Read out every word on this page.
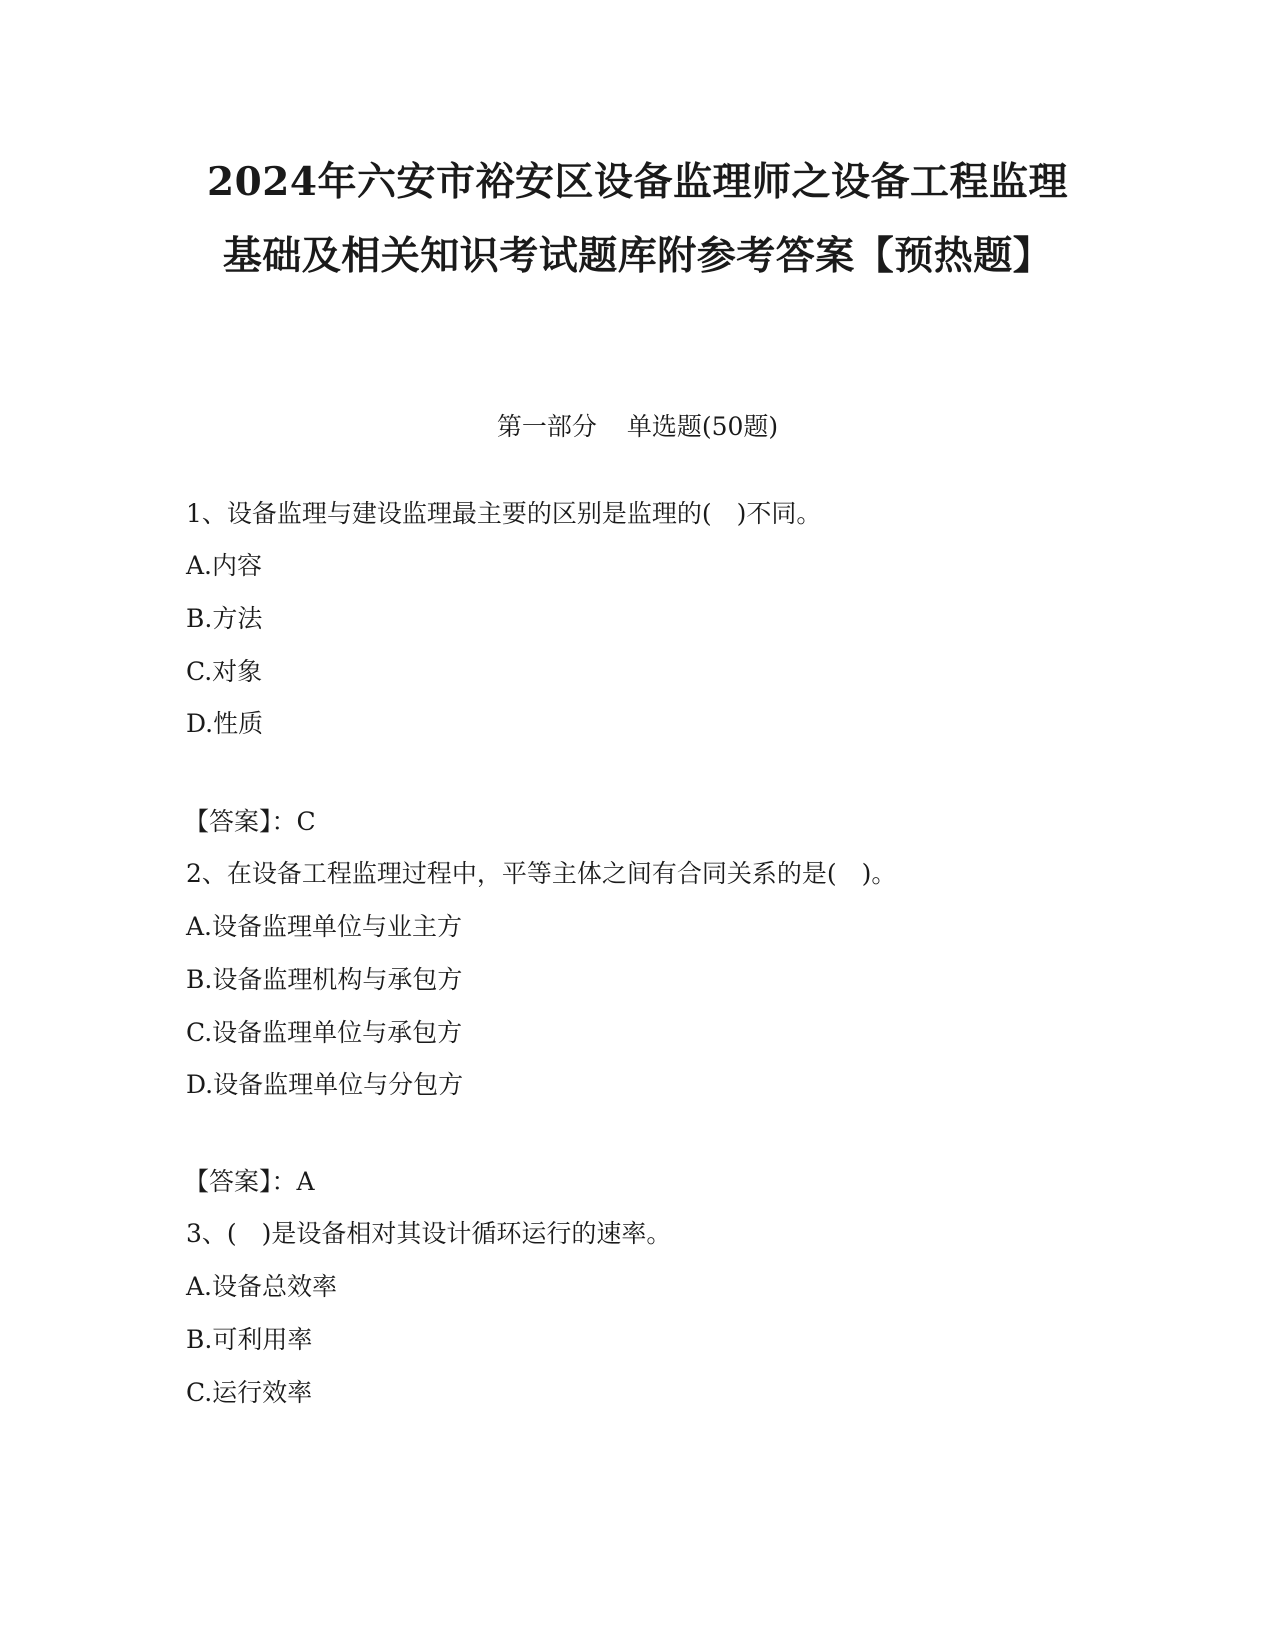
2024年六安市裕安区设备监理师之设备工程监理
基础及相关知识考试题库附参考答案【预热题】
第一部分 单选题(50题)
1、设备监理与建设监理最主要的区别是监理的(　)不同。
A.内容
B.方法
C.对象
D.性质
【答案】：C
2、在设备工程监理过程中，平等主体之间有合同关系的是(　)。
A.设备监理单位与业主方
B.设备监理机构与承包方
C.设备监理单位与承包方
D.设备监理单位与分包方
【答案】：A
3、(　)是设备相对其设计循环运行的速率。
A.设备总效率
B.可利用率
C.运行效率
